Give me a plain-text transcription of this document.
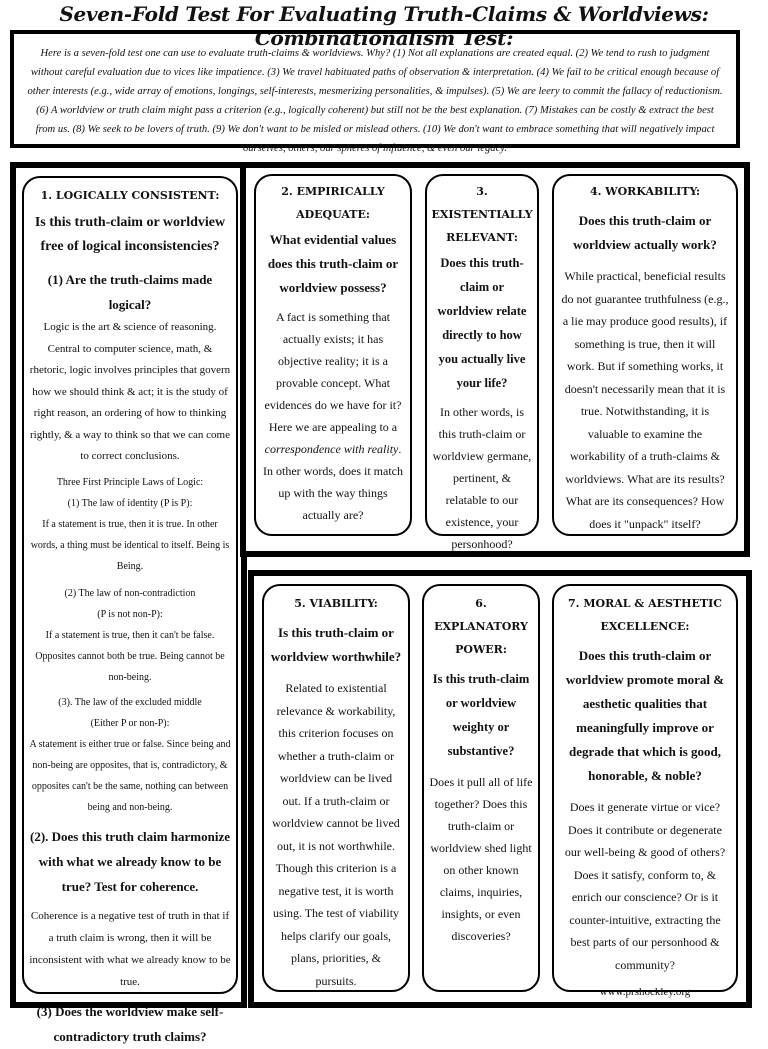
Seven-Fold Test For Evaluating Truth-Claims & Worldviews: Combinationalism Test:
Here is a seven-fold test one can use to evaluate truth-claims & worldviews. Why? (1) Not all explanations are created equal. (2) We tend to rush to judgment without careful evaluation due to vices like impatience. (3) We travel habituated paths of observation & interpretation. (4) We fail to be critical enough because of other interests (e.g., wide array of emotions, longings, self-interests, mesmerizing personalities, & impulses). (5) We are leery to commit the fallacy of reductionism. (6) A worldview or truth claim might pass a criterion (e.g., logically coherent) but still not be the best explanation. (7) Mistakes can be costly & extract the best from us. (8) We seek to be lovers of truth. (9) We don't want to be misled or mislead others. (10) We don't want to embrace something that will negatively impact ourselves, others, our spheres of influence, & even our legacy.
1. LOGICALLY CONSISTENT:
Is this truth-claim or worldview free of logical inconsistencies?
(1) Are the truth-claims made logical?
Logic is the art & science of reasoning. Central to computer science, math, & rhetoric, logic involves principles that govern how we should think & act; it is the study of right reason, an ordering of how to thinking rightly, & a way to think so that we can come to correct conclusions.
Three First Principle Laws of Logic:
(1) The law of identity (P is P):
If a statement is true, then it is true. In other words, a thing must be identical to itself. Being is Being.
(2) The law of non-contradiction
(P is not non-P):
If a statement is true, then it can't be false. Opposites cannot both be true. Being cannot be non-being.
(3). The law of the excluded middle
(Either P or non-P):
A statement is either true or false. Since being and non-being are opposites, that is, contradictory, & opposites can't be the same, nothing can between being and non-being.
(2). Does this truth claim harmonize with what we already know to be true? Test for coherence.
Coherence is a negative test of truth in that if a truth claim is wrong, then it will be inconsistent with what we already know to be true.
(3) Does the worldview make self-contradictory truth claims?
2. EMPIRICALLY ADEQUATE:
What evidential values does this truth-claim or worldview possess?
A fact is something that actually exists; it has objective reality; it is a provable concept. What evidences do we have for it? Here we are appealing to a correspondence with reality. In other words, does it match up with the way things actually are?
3. EXISTENTIALLY RELEVANT:
Does this truth-claim or worldview relate directly to how you actually live your life?
In other words, is this truth-claim or worldview germane, pertinent, & relatable to our existence, your personhood?
4. WORKABILITY:
Does this truth-claim or worldview actually work?
While practical, beneficial results do not guarantee truthfulness (e.g., a lie may produce good results), if something is true, then it will work. But if something works, it doesn't necessarily mean that it is true. Notwithstanding, it is valuable to examine the workability of a truth-claims & worldviews. What are its results? What are its consequences? How does it "unpack" itself?
5. VIABILITY:
Is this truth-claim or worldview worthwhile?
Related to existential relevance & workability, this criterion focuses on whether a truth-claim or worldview can be lived out. If a truth-claim or worldview cannot be lived out, it is not worthwhile. Though this criterion is a negative test, it is worth using. The test of viability helps clarify our goals, plans, priorities, & pursuits.
6. EXPLANATORY POWER:
Is this truth-claim or worldview weighty or substantive?
Does it pull all of life together? Does this truth-claim or worldview shed light on other known claims, inquiries, insights, or even discoveries?
7. MORAL & AESTHETIC EXCELLENCE:
Does this truth-claim or worldview promote moral & aesthetic qualities that meaningfully improve or degrade that which is good, honorable, & noble?
Does it generate virtue or vice? Does it contribute or degenerate our well-being & good of others? Does it satisfy, conform to, & enrich our conscience? Or is it counter-intuitive, extracting the best parts of our personhood & community?
www.prshockley.org
